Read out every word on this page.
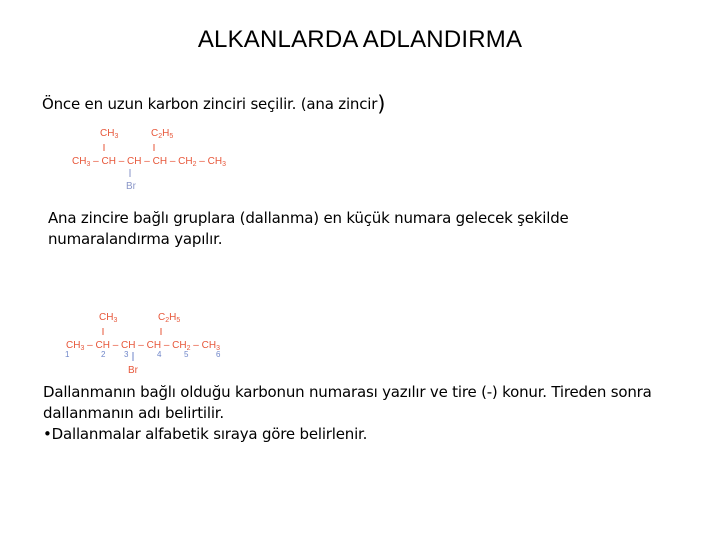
ALKANLARDA ADLANDIRMA
Önce en uzun karbon zinciri seçilir. (ana zincir)
$CH_3$	$C_2H_5$
$CH_3$ – CH – CH – CH – $CH_2 - CH_3$
Br
Ana zincire bağlı gruplara (dallanma) en küçük numara gelecek şekilde
numaralandırma yapılır.
$CH_3$	$C_2H_5$
$CH_3$ – CH – CH – CH – $CH_2 - CH_3$
1	2 3	4	5	6
Br
Dallanmanın bağlı olduğu karbonun numarası yazılır ve tire (-) konur. Tireden sonra
dallanmanın adı belirtilir.
•Dallanmalar alfabetik sıraya göre belirlenir.
